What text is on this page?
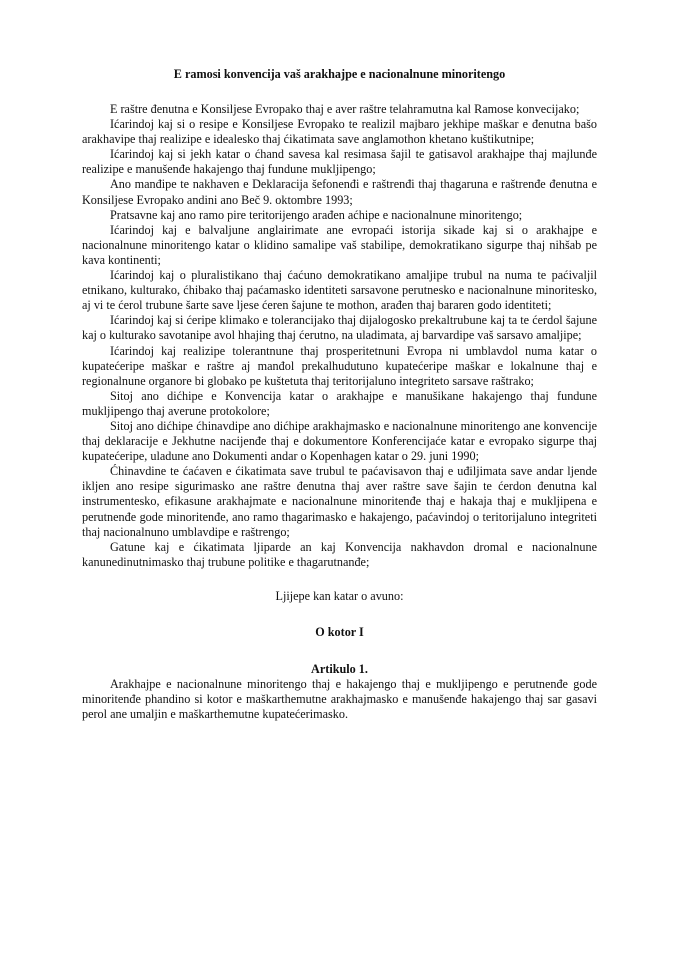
E ramosi konvencija vaš arakhajpe e nacionalnune minoritengo

E raštre đenutna e Konsiljese Evropako thaj e aver raštre telahramutna kal Ramose konvecijako;

Ićarindoj kaj si o resipe e Konsiljese Evropako te realizil majbaro jekhipe maškar e đenutna bašo arakhavipe thaj realizipe e idealesko thaj ćikatimata save anglamothon khetano kuštikutnipe;

Ićarindoj kaj si jekh katar o ćhand savesa kal resimasa šajil te gatisavol arakhajpe thaj majlunđe realizipe e manušenđe hakajengo thaj fundune mukljipengo;

Ano manđipe te nakhaven e Deklaracija šefonenđi e raštrenđi thaj thagaruna e raštrenđe đenutna e Konsiljese Evropako andini ano Beč 9. oktombre 1993;

Pratsavne kaj ano ramo pire teritorijengo arađen aćhipe e nacionalnune minoritengo;

Ićarindoj kaj e balvaljune anglairimate ane evropaći istorija sikade kaj si o arakhajpe e nacionalnune minoritengo katar o klidino samalipe vaš stabilipe, demokratikano sigurpe thaj nihšab pe kava kontinenti;

Ićarindoj kaj o pluralistikano thaj ćaćuno demokratikano amaljipe trubul na numa te paćivaljil etnikano, kulturako, ćhibako thaj paćamasko identiteti sarsavone perutnesko e nacionalnune minoritesko, aj vi te ćerol trubune šarte save ljese ćeren šajune te mothon, arađen thaj bararen godo identiteti;

Ićarindoj kaj si ćeripe klimako e tolerancijako thaj dijalogosko prekaltrubune kaj ta te ćerdol šajune kaj o kulturako savotanipe avol hhajing thaj ćerutno, na uladimata, aj barvardipe vaš sarsavo amaljipe;

Ićarindoj kaj realizipe tolerantnune thaj prosperitetnuni Evropa ni umblavdol numa katar o kupatećeripe maškar e raštre aj manđol prekalhudutuno kupatećeripe maškar e lokalnune thaj e regionalnune organore bi globako pe kuštetuta thaj teritorijaluno integriteto sarsave raštrako;

Sitoj ano dićhipe e Konvencija katar o arakhajpe e manušikane hakajengo thaj fundune mukljipengo thaj averune protokolore;

Sitoj ano dićhipe ćhinavdipe ano dićhipe arakhajmasko e nacionalnune minoritengo ane konvencije thaj deklaracije e Jekhutne nacijenđe thaj e dokumentore Konferencijaće katar e evropako sigurpe thaj kupatećeripe, uladune ano Dokumenti andar o Kopenhagen katar o 29. juni 1990;

Ćhinavdine te ćaćaven e ćikatimata save trubul te paćavisavon thaj e uđiljimata save andar ljende ikljen ano resipe sigurimasko ane raštre đenutna thaj aver raštre save šajin te ćerdon đenutna kal instrumentesko, efikasune arakhajmate e nacionalnune minoritenđe thaj e hakaja thaj e mukljipena e perutnenđe gode minoritenđe, ano ramo thagarimasko e hakajengo, paćavindoj o teritorijaluno integriteti thaj nacionalnuno umblavdipe e raštrengo;

Gatune kaj e ćikatimata ljiparde an kaj Konvencija nakhavdon dromal e nacionalnune kanunedinutnimasko thaj trubune politike e thagarutnanđe;

Ljijepe kan katar o avuno:
O kotor I
Artikulo 1.

Arakhajpe e nacionalnune minoritengo thaj e hakajengo thaj e mukljipengo e perutnenđe gode minoritenđe phandino si kotor e maškarthemutne arakhajmasko e manušenđe hakajengo thaj sar gasavi perol ane umaljin e maškarthemutne kupatećerimasko.
